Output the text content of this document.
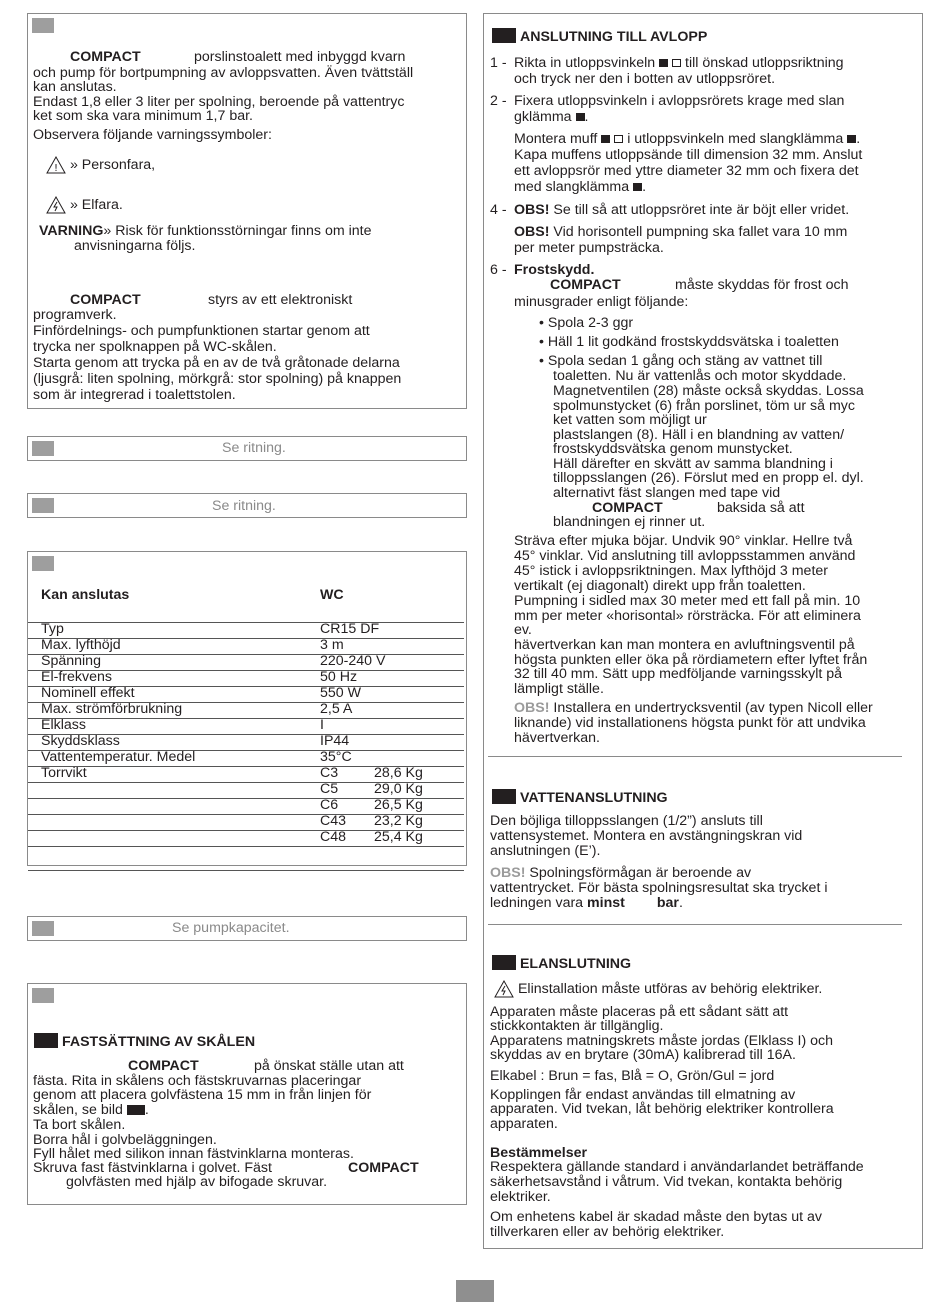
COMPACT	porslinstoalett med inbyggd kvarn
och pump för bortpumpning av avloppsvatten. Även tvättställ
kan anslutas.
Endast 1,8 eller 3 liter per spolning, beroende på vattentryc
ket som ska vara minimum 1,7 bar.
Observera följande varningssymboler:
! » Personfara,
» Elfara.
VARNING» Risk för funktionsstörningar finns om inte
anvisningarna följs.
COMPACT	styrs av ett elektroniskt
programverk.
Finfördelnings- och pumpfunktionen startar genom att
trycka ner spolknappen på WC-skålen.
Starta genom att trycka på en av de två gråtonade delarna
(ljusgrå: liten spolning, mörkgrå: stor spolning) på knappen
som är integrerad i toalettstolen.
Se ritning.
Se ritning.
Kan anslutas	WC
Typ	CR15 DF
Max. lyfthöjd	3 m
Spänning	220-240 V
El-frekvens	50 Hz
Nominell effekt	550 W
Max. strömförbrukning	2,5 A
Elklass	I
Skyddsklass	IP44
Vattentemperatur. Medel	35°C
Torrvikt	C3	28,6 Kg
C5	29,0 Kg
C6	26,5 Kg
C43 23,2 Kg
C48 25,4 Kg
Se pumpkapacitet.
FASTSÄTTNING AV SKÅLEN
COMPACT	på önskat ställe utan att
fästa. Rita in skålens och fästskruvarnas placeringar
genom att placera golvfästena 15 mm in från linjen för
skålen, se bild .
Ta bort skålen.
Borra hål i golvbeläggningen.
Fyll hålet med silikon innan fästvinklarna monteras.
Skruva fast fästvinklarna i golvet. Fäst	COMPACT
golvfästen med hjälp av bifogade skruvar.
ANSLUTNING TILL AVLOPP
1 - Rikta in utloppsvinkeln till önskad utloppsriktning
och tryck ner den i botten av utloppsröret.
2 - Fixera utloppsvinkeln i avloppsrörets krage med slan
gklämma .
Montera muff i utloppsvinkeln med slangklämma .
Kapa muffens utloppsände till dimension 32 mm. Anslut
ett avloppsrör med yttre diameter 32 mm och fixera det
med slangklämma .
4 - OBS! Se till så att utloppsröret inte är böjt eller vridet.
OBS! Vid horisontell pumpning ska fallet vara 10 mm
per meter pumpsträcka.
6 - Frostskydd.
COMPACT	måste skyddas för frost och
minusgrader enligt följande:
• Spola 2-3 ggr
• Häll 1 lit godkänd frostskyddsvätska i toaletten
• Spola sedan 1 gång och stäng av vattnet till
toaletten. Nu är vattenlås och motor skyddade.
Magnetventilen (28) måste också skyddas. Lossa
spolmunstycket (6) från porslinet, töm ur så myc
ket vatten som möjligt ur
plastslangen (8). Häll i en blandning av vatten/
frostskyddsvätska genom munstycket.
Häll därefter en skvätt av samma blandning i
tilloppsslangen (26). Förslut med en propp el. dyl.
alternativt fäst slangen med tape vid
COMPACT	baksida så att
blandningen ej rinner ut.
Sträva efter mjuka böjar. Undvik 90° vinklar. Hellre två
45° vinklar. Vid anslutning till avloppsstammen använd
45° istick i avloppsriktningen. Max lyfthöjd 3 meter
vertikalt (ej diagonalt) direkt upp från toaletten.
Pumpning i sidled max 30 meter med ett fall på min. 10
mm per meter «horisontal» rörsträcka. För att eliminera
ev.
hävertverkan kan man montera en avluftningsventil på
högsta punkten eller öka på rördiametern efter lyftet från
32 till 40 mm. Sätt upp medföljande varningsskylt på
lämpligt ställe.
OBS! Installera en undertrycksventil (av typen Nicoll eller
liknande) vid installationens högsta punkt för att undvika
hävertverkan.
VATTENANSLUTNING
Den böjliga tilloppsslangen (1/2”) ansluts till
vattensystemet. Montera en avstängningskran vid
anslutningen (E’).
OBS! Spolningsförmågan är beroende av
vattentrycket. För bästa spolningsresultat ska trycket i
ledningen vara minst bar.
ELANSLUTNING
Elinstallation måste utföras av behörig elektriker.
Apparaten måste placeras på ett sådant sätt att
stickkontakten är tillgänglig.
Apparatens matningskrets måste jordas (Elklass I) och
skyddas av en brytare (30mA) kalibrerad till 16A.
Elkabel : Brun = fas, Blå = O, Grön/Gul = jord
Kopplingen får endast användas till elmatning av
apparaten. Vid tvekan, låt behörig elektriker kontrollera
apparaten.
Bestämmelser
Respektera gällande standard i användarlandet beträffande
säkerhetsavstånd i våtrum. Vid tvekan, kontakta behörig
elektriker.
Om enhetens kabel är skadad måste den bytas ut av
tillverkaren eller av behörig elektriker.
